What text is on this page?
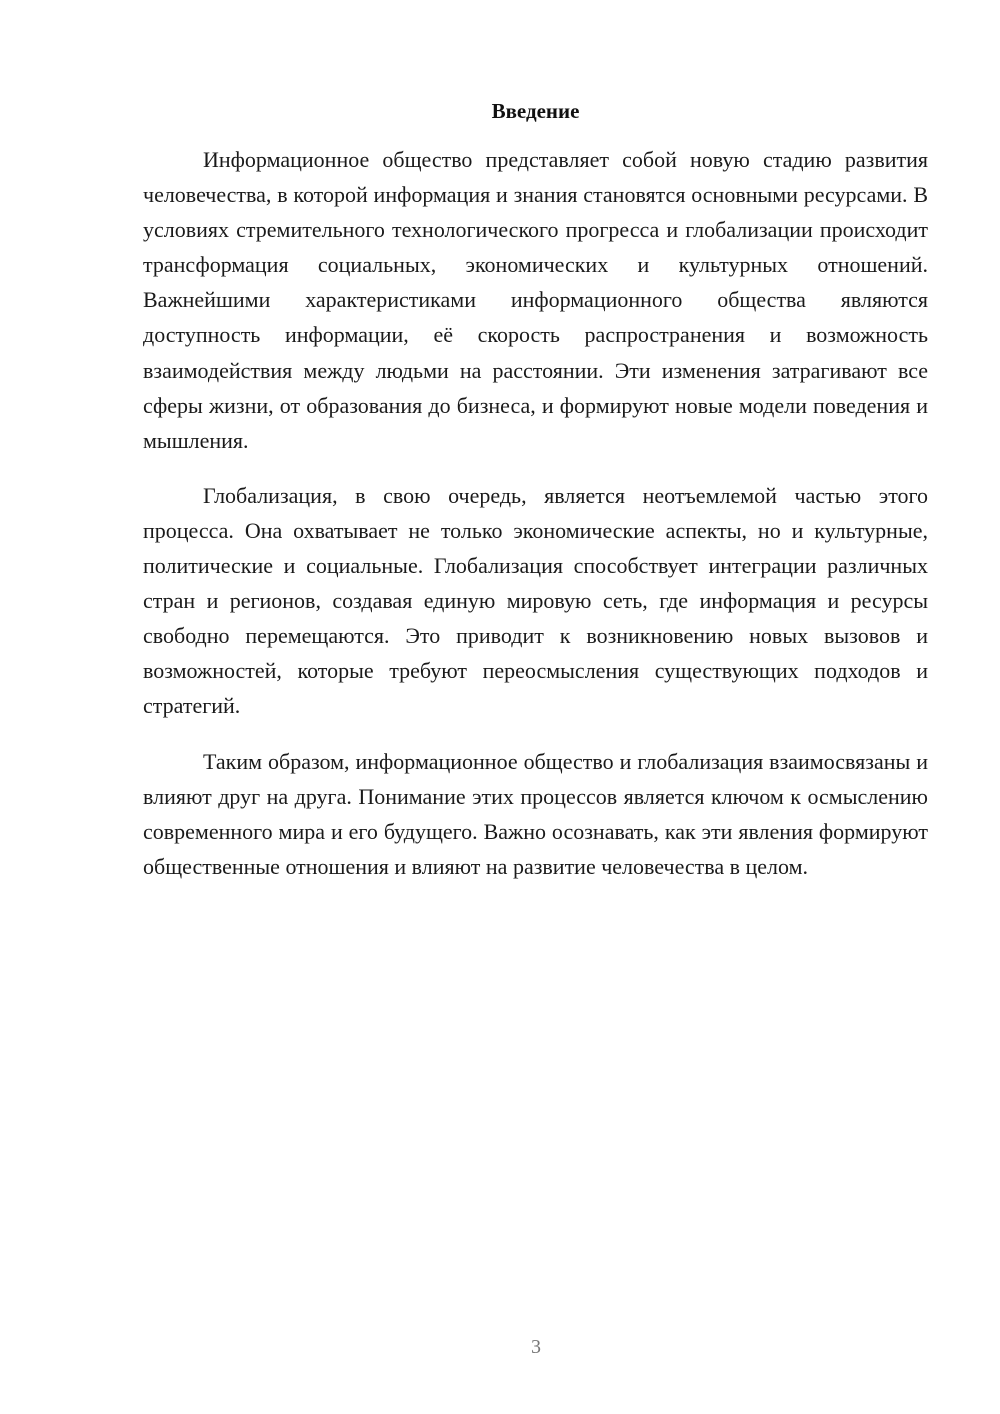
Введение

Информационное общество представляет собой новую стадию развития человечества, в которой информация и знания становятся основными ресурсами. В условиях стремительного технологического прогресса и глобализации происходит трансформация социальных, экономических и культурных отношений. Важнейшими характеристиками информационного общества являются доступность информации, её скорость распространения и возможность взаимодействия между людьми на расстоянии. Эти изменения затрагивают все сферы жизни, от образования до бизнеса, и формируют новые модели поведения и мышления.

Глобализация, в свою очередь, является неотъемлемой частью этого процесса. Она охватывает не только экономические аспекты, но и культурные, политические и социальные. Глобализация способствует интеграции различных стран и регионов, создавая единую мировую сеть, где информация и ресурсы свободно перемещаются. Это приводит к возникновению новых вызовов и возможностей, которые требуют переосмысления существующих подходов и стратегий.

Таким образом, информационное общество и глобализация взаимосвязаны и влияют друг на друга. Понимание этих процессов является ключом к осмыслению современного мира и его будущего. Важно осознавать, как эти явления формируют общественные отношения и влияют на развитие человечества в целом.

3
